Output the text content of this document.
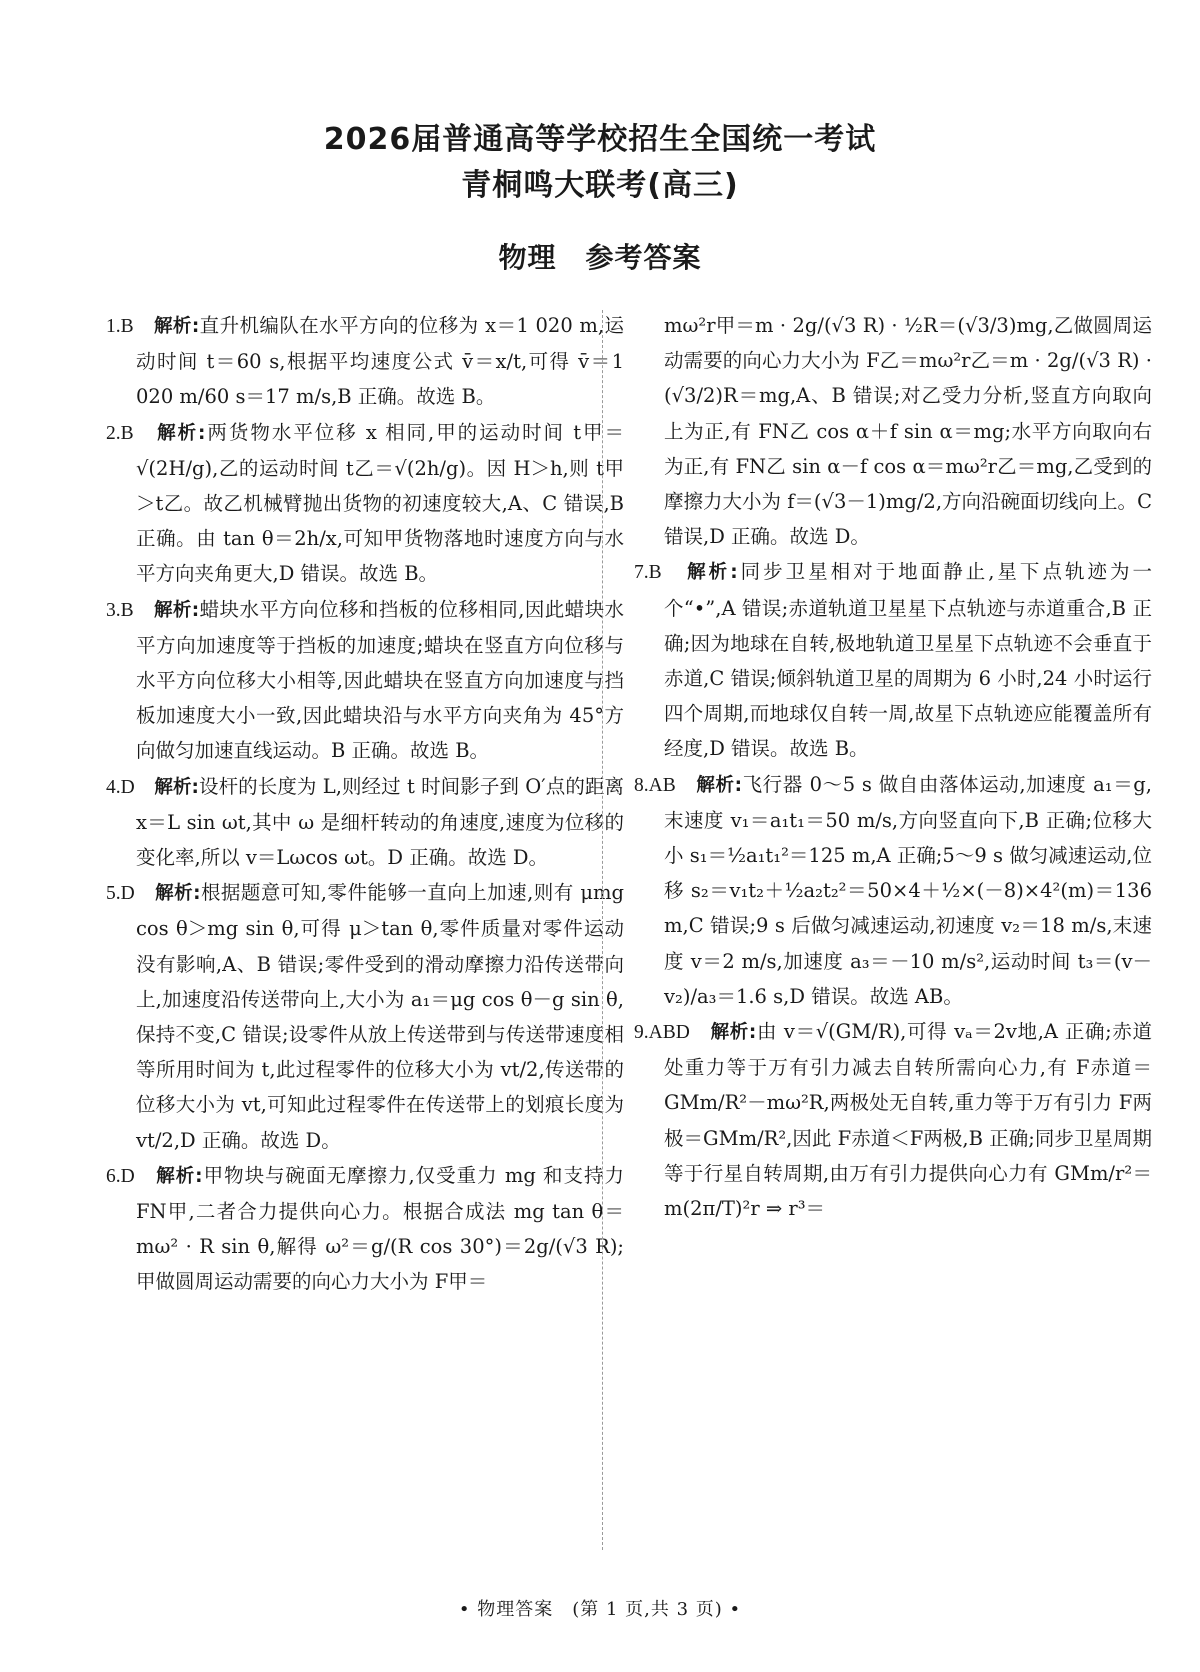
2026届普通高等学校招生全国统一考试
青桐鸣大联考(高三)
物理　参考答案

1.B　 解析:直升机编队在水平方向的位移为 x＝1 020 m,运动时间 t＝60 s,根据平均速度公式 v̄＝x/t,可得 v̄＝1 020 m/60 s＝17 m/s,B 正确。故选 B。

2.B　 解析:两货物水平位移 x 相同,甲的运动时间 t甲＝√(2H/g),乙的运动时间 t乙＝√(2h/g)。因 H＞h,则 t甲＞t乙。故乙机械臂抛出货物的初速度较大,A、C 错误,B 正确。由 tan θ＝2h/x,可知甲货物落地时速度方向与水平方向夹角更大,D 错误。故选 B。

3.B　 解析:蜡块水平方向位移和挡板的位移相同,因此蜡块水平方向加速度等于挡板的加速度;蜡块在竖直方向位移与水平方向位移大小相等,因此蜡块在竖直方向加速度与挡板加速度大小一致,因此蜡块沿与水平方向夹角为 45°方向做匀加速直线运动。B 正确。故选 B。

4.D　 解析:设杆的长度为 L,则经过 t 时间影子到 O′点的距离 x＝L sin ωt,其中 ω 是细杆转动的角速度,速度为位移的变化率,所以 v＝Lωcos ωt。D 正确。故选 D。

5.D　 解析:根据题意可知,零件能够一直向上加速,则有 μmg cos θ＞mg sin θ,可得 μ＞tan θ,零件质量对零件运动没有影响,A、B 错误;零件受到的滑动摩擦力沿传送带向上,加速度沿传送带向上,大小为 a₁＝μg cos θ－g sin θ,保持不变,C 错误;设零件从放上传送带到与传送带速度相等所用时间为 t,此过程零件的位移大小为 vt/2,传送带的位移大小为 vt,可知此过程零件在传送带上的划痕长度为 vt/2,D 正确。故选 D。

6.D　 解析:甲物块与碗面无摩擦力,仅受重力 mg 和支持力 FN甲,二者合力提供向心力。根据合成法 mg tan θ＝mω² · R sin θ,解得 ω²＝g/(R cos 30°)＝2g/(√3 R);甲做圆周运动需要的向心力大小为 F甲＝

mω²r甲＝m · 2g/(√3 R) · ½R＝(√3/3)mg,乙做圆周运动需要的向心力大小为 F乙＝mω²r乙＝m · 2g/(√3 R) · (√3/2)R＝mg,A、B 错误;对乙受力分析,竖直方向取向上为正,有 FN乙 cos α＋f sin α＝mg;水平方向取向右为正,有 FN乙 sin α－f cos α＝mω²r乙＝mg,乙受到的摩擦力大小为 f＝(√3－1)mg/2,方向沿碗面切线向上。C 错误,D 正确。故选 D。

7.B　 解析:同步卫星相对于地面静止,星下点轨迹为一个“•”,A 错误;赤道轨道卫星星下点轨迹与赤道重合,B 正确;因为地球在自转,极地轨道卫星星下点轨迹不会垂直于赤道,C 错误;倾斜轨道卫星的周期为 6 小时,24 小时运行四个周期,而地球仅自转一周,故星下点轨迹应能覆盖所有经度,D 错误。故选 B。

8.AB　 解析:飞行器 0～5 s 做自由落体运动,加速度 a₁＝g,末速度 v₁＝a₁t₁＝50 m/s,方向竖直向下,B 正确;位移大小 s₁＝½a₁t₁²＝125 m,A 正确;5～9 s 做匀减速运动,位移 s₂＝v₁t₂＋½a₂t₂²＝50×4＋½×(－8)×4²(m)＝136 m,C 错误;9 s 后做匀减速运动,初速度 v₂＝18 m/s,末速度 v＝2 m/s,加速度 a₃＝－10 m/s²,运动时间 t₃＝(v－v₂)/a₃＝1.6 s,D 错误。故选 AB。

9.ABD　 解析:由 v＝√(GM/R),可得 vₐ＝2v地,A 正确;赤道处重力等于万有引力减去自转所需向心力,有 F赤道＝GMm/R²－mω²R,两极处无自转,重力等于万有引力 F两极＝GMm/R²,因此 F赤道＜F两极,B 正确;同步卫星周期等于行星自转周期,由万有引力提供向心力有 GMm/r²＝m(2π/T)²r ⇒ r³＝

• 物理答案　(第 1 页,共 3 页) •
